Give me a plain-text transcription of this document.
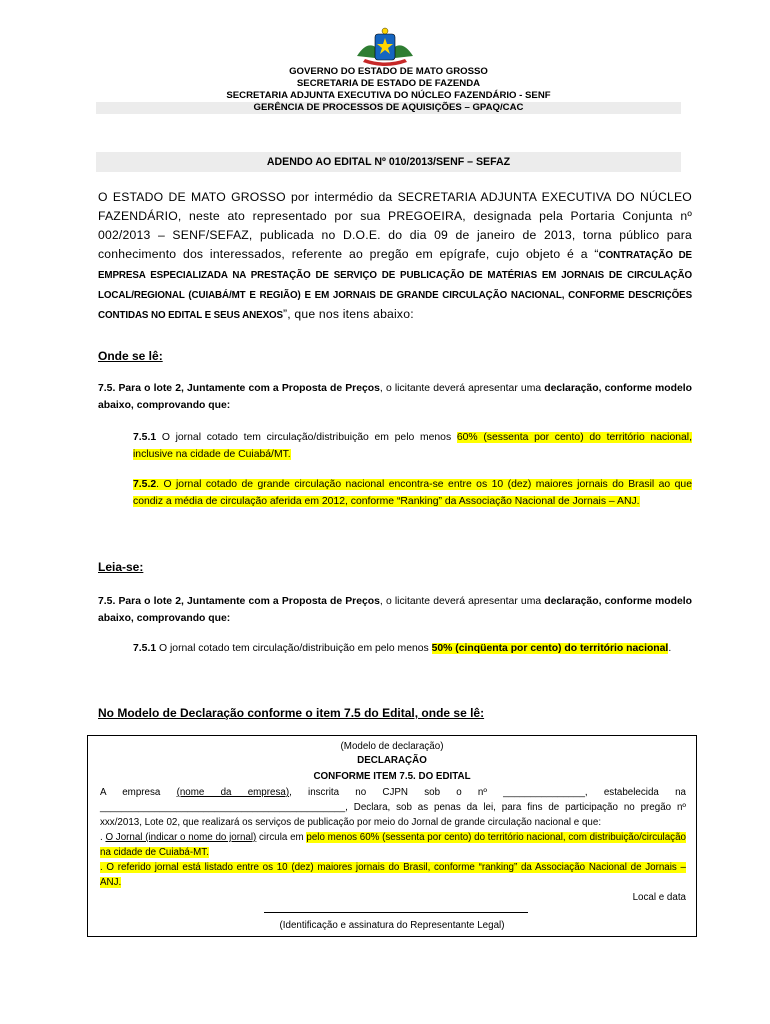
GOVERNO DO ESTADO DE MATO GROSSO
SECRETARIA DE ESTADO DE FAZENDA
SECRETARIA ADJUNTA EXECUTIVA DO NÚCLEO FAZENDÁRIO - SENF
GERÊNCIA DE PROCESSOS DE AQUISIÇÕES – GPAQ/CAC
ADENDO AO EDITAL Nº 010/2013/SENF – SEFAZ
O ESTADO DE MATO GROSSO por intermédio da SECRETARIA ADJUNTA EXECUTIVA DO NÚCLEO FAZENDÁRIO, neste ato representado por sua PREGOEIRA, designada pela Portaria Conjunta nº 002/2013 – SENF/SEFAZ, publicada no D.O.E. do dia 09 de janeiro de 2013, torna público para conhecimento dos interessados, referente ao pregão em epígrafe, cujo objeto é a “CONTRATAÇÃO DE EMPRESA ESPECIALIZADA NA PRESTAÇÃO DE SERVIÇO DE PUBLICAÇÃO DE MATÉRIAS EM JORNAIS DE CIRCULAÇÃO LOCAL/REGIONAL (CUIABÁ/MT E REGIÃO) E EM JORNAIS DE GRANDE CIRCULAÇÃO NACIONAL, CONFORME DESCRIÇÕES CONTIDAS NO EDITAL E SEUS ANEXOS”, que nos itens abaixo:
Onde se lê:
7.5. Para o lote 2, Juntamente com a Proposta de Preços, o licitante deverá apresentar uma declaração, conforme modelo abaixo, comprovando que:
7.5.1 O jornal cotado tem circulação/distribuição em pelo menos 60% (sessenta por cento) do território nacional, inclusive na cidade de Cuiabá/MT.
7.5.2. O jornal cotado de grande circulação nacional encontra-se entre os 10 (dez) maiores jornais do Brasil ao que condiz a média de circulação aferida em 2012, conforme “Ranking” da Associação Nacional de Jornais – ANJ.
Leia-se:
7.5. Para o lote 2, Juntamente com a Proposta de Preços, o licitante deverá apresentar uma declaração, conforme modelo abaixo, comprovando que:
7.5.1 O jornal cotado tem circulação/distribuição em pelo menos 50% (cinqüenta por cento) do território nacional.
No Modelo de Declaração conforme o item 7.5 do Edital, onde se lê:
(Modelo de declaração)
DECLARAÇÃO
CONFORME ITEM 7.5. DO EDITAL
A empresa (nome da empresa), inscrita no CJPN sob o nº _______________, estabelecida na _____________________________________________, Declara, sob as penas da lei, para fins de participação no pregão nº xxx/2013, Lote 02, que realizará os serviços de publicação por meio do Jornal de grande circulação nacional e que:
. O Jornal (indicar o nome do jornal) circula em pelo menos 60% (sessenta por cento) do território nacional, com distribuição/circulação na cidade de Cuiabá-MT.
. O referido jornal está listado entre os 10 (dez) maiores jornais do Brasil, conforme “ranking” da Associação Nacional de Jornais – ANJ.
Local e data
(Identificação e assinatura do Representante Legal)
